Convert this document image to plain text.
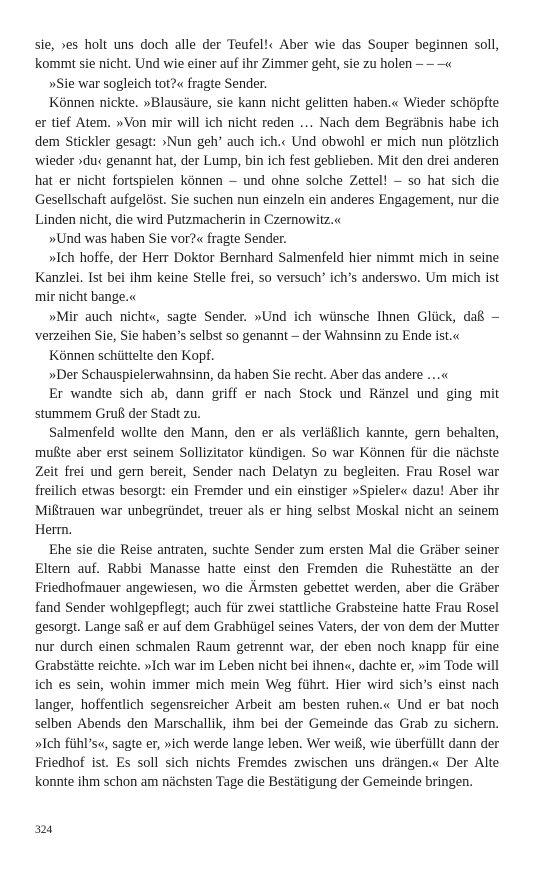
sie, ›es holt uns doch alle der Teufel!‹ Aber wie das Souper beginnen soll, kommt sie nicht. Und wie einer auf ihr Zimmer geht, sie zu holen – – –«

»Sie war sogleich tot?« fragte Sender.

Können nickte. »Blausäure, sie kann nicht gelitten haben.« Wieder schöpfte er tief Atem. »Von mir will ich nicht reden … Nach dem Begräbnis habe ich dem Stickler gesagt: ›Nun geh’ auch ich.‹ Und obwohl er mich nun plötzlich wieder ›du‹ genannt hat, der Lump, bin ich fest geblieben. Mit den drei anderen hat er nicht fortspielen können – und ohne solche Zettel! – so hat sich die Gesellschaft aufgelöst. Sie suchen nun einzeln ein anderes Engagement, nur die Linden nicht, die wird Putzmacherin in Czernowitz.«

»Und was haben Sie vor?« fragte Sender.

»Ich hoffe, der Herr Doktor Bernhard Salmenfeld hier nimmt mich in seine Kanzlei. Ist bei ihm keine Stelle frei, so versuch’ ich’s anderswo. Um mich ist mir nicht bange.«

»Mir auch nicht«, sagte Sender. »Und ich wünsche Ihnen Glück, daß – verzeihen Sie, Sie haben’s selbst so genannt – der Wahnsinn zu Ende ist.«

Können schüttelte den Kopf.

»Der Schauspielerwahnsinn, da haben Sie recht. Aber das andere …«

Er wandte sich ab, dann griff er nach Stock und Ränzel und ging mit stummem Gruß der Stadt zu.

Salmenfeld wollte den Mann, den er als verläßlich kannte, gern behalten, mußte aber erst seinem Sollizitator kündigen. So war Können für die nächste Zeit frei und gern bereit, Sender nach Delatyn zu begleiten. Frau Rosel war freilich etwas besorgt: ein Fremder und ein einstiger »Spieler« dazu! Aber ihr Mißtrauen war unbegründet, treuer als er hing selbst Moskal nicht an seinem Herrn.

Ehe sie die Reise antraten, suchte Sender zum ersten Mal die Gräber seiner Eltern auf. Rabbi Manasse hatte einst den Fremden die Ruhestätte an der Friedhofmauer angewiesen, wo die Ärmsten gebettet werden, aber die Gräber fand Sender wohlgepflegt; auch für zwei stattliche Grabsteine hatte Frau Rosel gesorgt. Lange saß er auf dem Grabhügel seines Vaters, der von dem der Mutter nur durch einen schmalen Raum getrennt war, der eben noch knapp für eine Grabstätte reichte. »Ich war im Leben nicht bei ihnen«, dachte er, »im Tode will ich es sein, wohin immer mich mein Weg führt. Hier wird sich’s einst nach langer, hoffentlich segensreicher Arbeit am besten ruhen.« Und er bat noch selben Abends den Marschallik, ihm bei der Gemeinde das Grab zu sichern. »Ich fühl’s«, sagte er, »ich werde lange leben. Wer weiß, wie überfüllt dann der Friedhof ist. Es soll sich nichts Fremdes zwischen uns drängen.« Der Alte konnte ihm schon am nächsten Tage die Bestätigung der Gemeinde bringen.

324
